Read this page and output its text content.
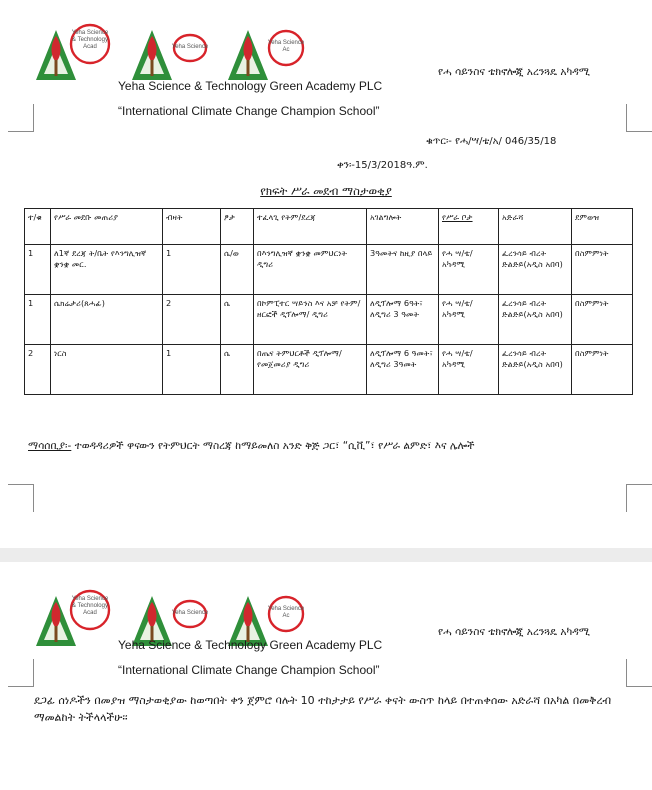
Yeha Science & Technology Acad	Yeha Science
Yeha Science Ac
የሓ ሳይንስና ቴክኖሎጂ አረንጓዴ አካዳሚ
Yeha Science & Technology Green Academy PLC
“International Climate Change Champion School”
ቁጥር፡- የሓ/ሣ/ቴ/አ/ 046/35/18
ቀን፡-15/3/2018ዓ.ም.
የክፍት ሥራ መደብ ማስታወቂያ
ተ/ቁ	የሥራ መደቡ መጠሪያ	ብዛት	ፆታ	ተፈላጊ የትም/ደረጃ	አገልግሎት	የሥራ ቦታ	አድራሻ	ደምወዝ
1	ለ1ኛ ደረጃ ት/ቤት የእንግሊዝኛ ቋንቋ መር.	1	ሴ/ወ	በእንግሊዝኛ ቋንቋ መምህርነት ዲግሪ	3ዓመትና ከዚያ በላይ	የሓ ሣ/ቴ/ አካዳሚ	ፈረንሳይ ብረት ድልድይ(አዲስ አበባ)	በስምምነት
1	ሴክሬታሪ(ጸሓፊ)	2	ሴ	በኮምፒተር ሣይንስ እና አቻ የትም/ ዘርፎች ዲፕሎማ/ ዲግሪ	ለዲፕሎማ 6ዓት፣ ለዲግሪ 3 ዓመት	የሓ ሣ/ቴ/ አካዳሚ	ፈረንሳይ ብረት ድልድይ(አዲስ አበባ)	በስምምነት
2	ነርስ	1	ሴ	በጤና ትምህርቶች ዲፕሎማ/የመጀመሪያ ዲግሪ	ለዲፕሎማ 6 ዓመት፣ ለዲግሪ 3ዓመት	የሓ ሣ/ቴ/ አካዳሚ	ፈረንሳይ ብረት ድልድይ(አዲስ አበባ)	በስምምነት
ማሳሰቢያ፡- ተወዳዳሪዎች ዋናውን የትምህርት ማስረጃ ከማይመለስ አንድ ቅጅ ጋር፣ “ሲቪ”፣ የሥራ ልምድ፣ እና ሌሎች
Yeha Science & Technology Acad	Yeha Science
Yeha Science Ac
የሓ ሳይንስና ቴክኖሎጂ አረንጓዴ አካዳሚ
Yeha Science & Technology Green Academy PLC
“International Climate Change Champion School”
ደጋፊ ሰነዶችን በመያዝ ማስታወቂያው ከወጣበት ቀን ጀምሮ ባሉት 10 ተከታታይ የሥራ ቀናት ውስጥ ከላይ በተጠቀሰው አድራሻ በአካል በመቅረብ ማመልከት ትችላላችሁ፡፡
